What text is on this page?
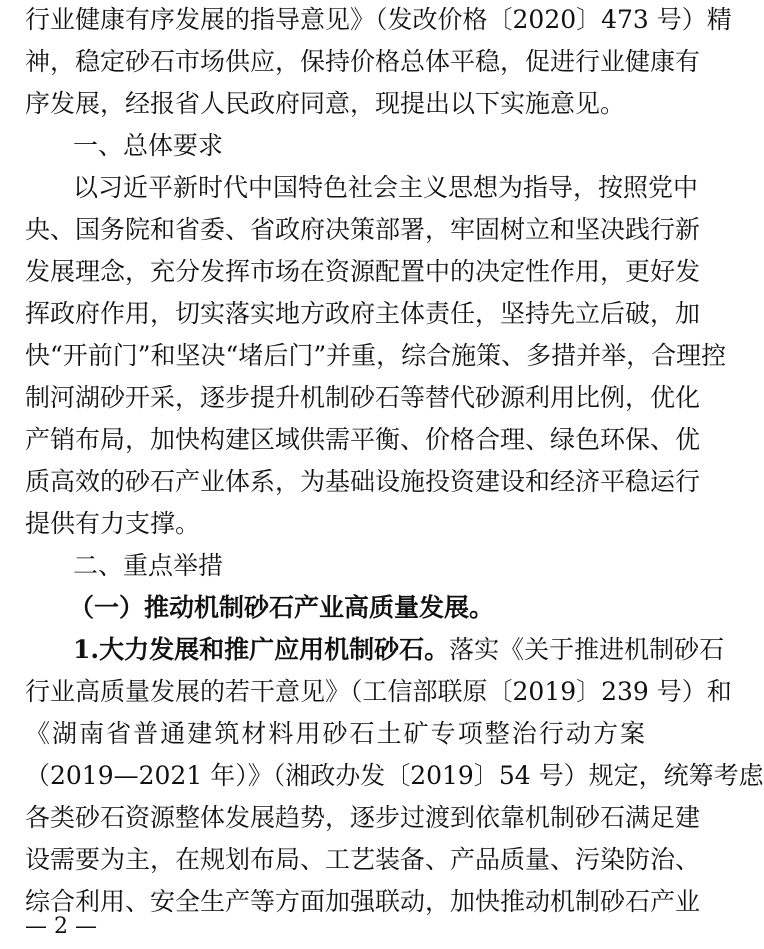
行业健康有序发展的指导意见》（发改价格〔2020〕473 号）精
神，稳定砂石市场供应，保持价格总体平稳，促进行业健康有
序发展，经报省人民政府同意，现提出以下实施意见。
一、总体要求
以习近平新时代中国特色社会主义思想为指导，按照党中
央、国务院和省委、省政府决策部署，牢固树立和坚决践行新
发展理念，充分发挥市场在资源配置中的决定性作用，更好发
挥政府作用，切实落实地方政府主体责任，坚持先立后破，加
快“开前门”和坚决“堵后门”并重，综合施策、多措并举，合理控
制河湖砂开采，逐步提升机制砂石等替代砂源利用比例，优化
产销布局，加快构建区域供需平衡、价格合理、绿色环保、优
质高效的砂石产业体系，为基础设施投资建设和经济平稳运行
提供有力支撑。
二、重点举措
（一）推动机制砂石产业高质量发展。
1.大力发展和推广应用机制砂石。落实《关于推进机制砂石
行业高质量发展的若干意见》（工信部联原〔2019〕239 号）和
《湖南省普通建筑材料用砂石土矿专项整治行动方案
（2019—2021 年）》（湘政办发〔2019〕54 号）规定，统筹考虑
各类砂石资源整体发展趋势，逐步过渡到依靠机制砂石满足建
设需要为主，在规划布局、工艺装备、产品质量、污染防治、
综合利用、安全生产等方面加强联动，加快推动机制砂石产业
— 2 —
